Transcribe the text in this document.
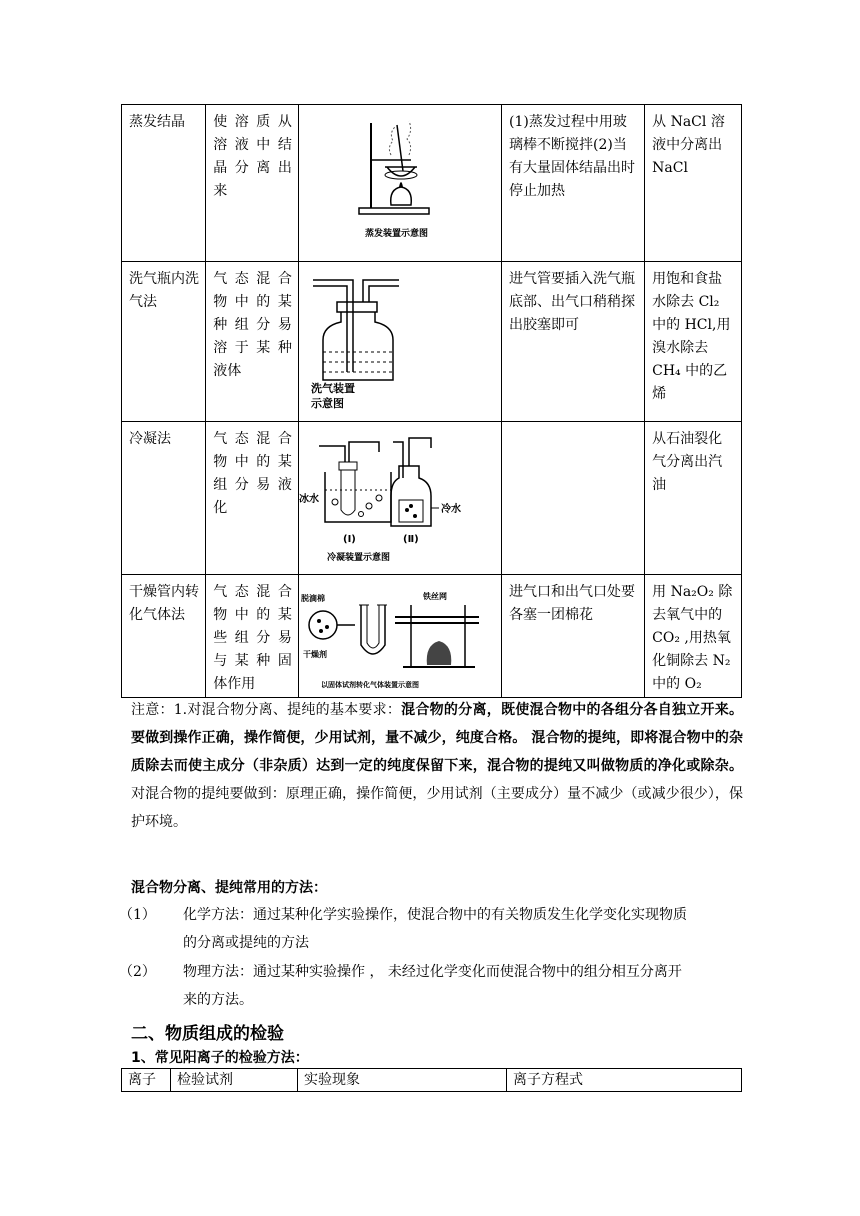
蒸发结晶	使溶质从
溶液中结
晶分离出
来	蒸发装置示意图	(1)蒸发过程中用玻璃棒不断搅拌(2)当有大量固体结晶出时停止加热	从 NaCl 溶液中分离出 NaCl
洗气瓶内洗气法	气态混合
物中的某
种组分易
溶于某种
液体	洗气装置
示意图	进气管要插入洗气瓶底部、出气口稍稍探出胶塞即可	用饱和食盐水除去 Cl₂ 中的 HCl,用溴水除去 CH₄ 中的乙烯
冷凝法	气态混合
物中的某
组分易液
化	冰水
冷水
(Ⅰ) (Ⅱ)
冷凝装置示意图		从石油裂化气分离出汽油
干燥管内转化气体法	气态混合
物中的某
些组分易
与某种固
体作用	脱滴棉
干燥剂
铁丝网
以固体试剂转化气体装置示意图	进气口和出气口处要各塞一团棉花	用 Na₂O₂ 除去氧气中的 CO₂ ,用热氧化铜除去 N₂ 中的 O₂
注意：1.对混合物分离、提纯的基本要求：混合物的分离，既使混合物中的各组分各自独立开来。要做到操作正确，操作简便，少用试剂，量不减少，纯度合格。 混合物的提纯，即将混合物中的杂质除去而使主成分（非杂质）达到一定的纯度保留下来，混合物的提纯又叫做物质的净化或除杂。对混合物的提纯要做到：原理正确，操作简便，少用试剂（主要成分）量不减少（或减少很少），保护环境。
混合物分离、提纯常用的方法：
（1） 化学方法：通过某种化学实验操作，使混合物中的有关物质发生化学变化实现物质
的分离或提纯的方法
（2） 物理方法：通过某种实验操作 ， 未经过化学变化而使混合物中的组分相互分离开
来的方法。
二、物质组成的检验
1、常见阳离子的检验方法：
离子	检验试剂	实验现象	离子方程式
